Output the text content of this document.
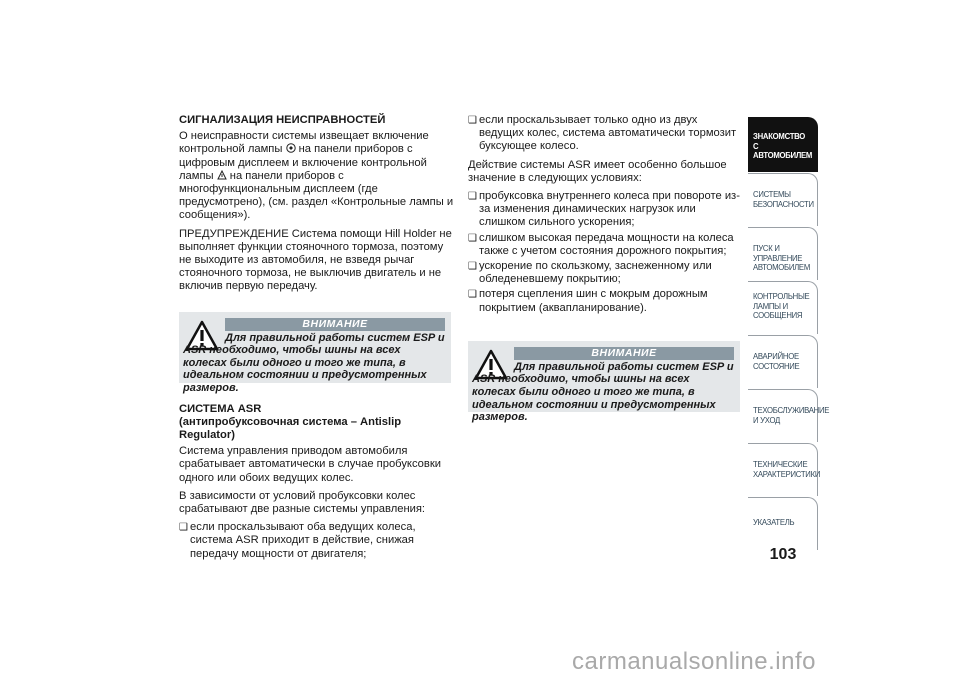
СИГНАЛИЗАЦИЯ НЕИСПРАВНОСТЕЙ
О неисправности системы извещает включение контрольной лампы  на панели приборов с цифровым дисплеем и включение контрольной лампы  на панели приборов с многофункциональным дисплеем (где предусмотрено), (см. раздел «Контрольные лампы и сообщения»).
ПРЕДУПРЕЖДЕНИЕ Система помощи Hill Holder не выполняет функции стояночного тормоза, поэтому не выходите из автомобиля, не взведя рычаг стояночного тормоза, не выключив двигатель и не включив первую передачу.
ВНИМАНИЕ
Для правильной работы систем ESP и ASR необходимо, чтобы шины на всех колесах были одного и того же типа, в идеальном состоянии и предусмотренных размеров.
СИСТЕМА ASR
(антипробуксовочная система – Antislip Regulator)
Система управления приводом автомобиля срабатывает автоматически в случае пробуксовки одного или обоих ведущих колес.
В зависимости от условий пробуксовки колес срабатывают две разные системы управления:
❑ если проскальзывают оба ведущих колеса, система ASR приходит в действие, снижая передачу мощности от двигателя;
❑ если проскальзывает только одно из двух ведущих колес, система автоматически тормозит буксующее колесо.
Действие системы ASR имеет особенно большое значение в следующих условиях:
❑ пробуксовка внутреннего колеса при повороте из-за изменения динамических нагрузок или слишком сильного ускорения;
❑ слишком высокая передача мощности на колеса также с учетом состояния дорожного покрытия;
❑ ускорение по скользкому, заснеженному или обледеневшему покрытию;
❑ потеря сцепления шин с мокрым дорожным покрытием (аквапланирование).
ВНИМАНИЕ
Для правильной работы систем ESP и ASR необходимо, чтобы шины на всех колесах были одного и того же типа, в идеальном состоянии и предусмотренных размеров.
ЗНАКОМСТВО С АВТОМОБИЛЕМ
СИСТЕМЫ БЕЗОПАСНОСТИ
ПУСК И УПРАВЛЕНИЕ АВТОМОБИЛЕМ
КОНТРОЛЬНЫЕ ЛАМПЫ И СООБЩЕНИЯ
АВАРИЙНОЕ СОСТОЯНИЕ
ТЕХОБСЛУЖИВАНИЕ И УХОД
ТЕХНИЧЕСКИЕ ХАРАКТЕРИСТИКИ
УКАЗАТЕЛЬ
103
carmanualsonline.info
